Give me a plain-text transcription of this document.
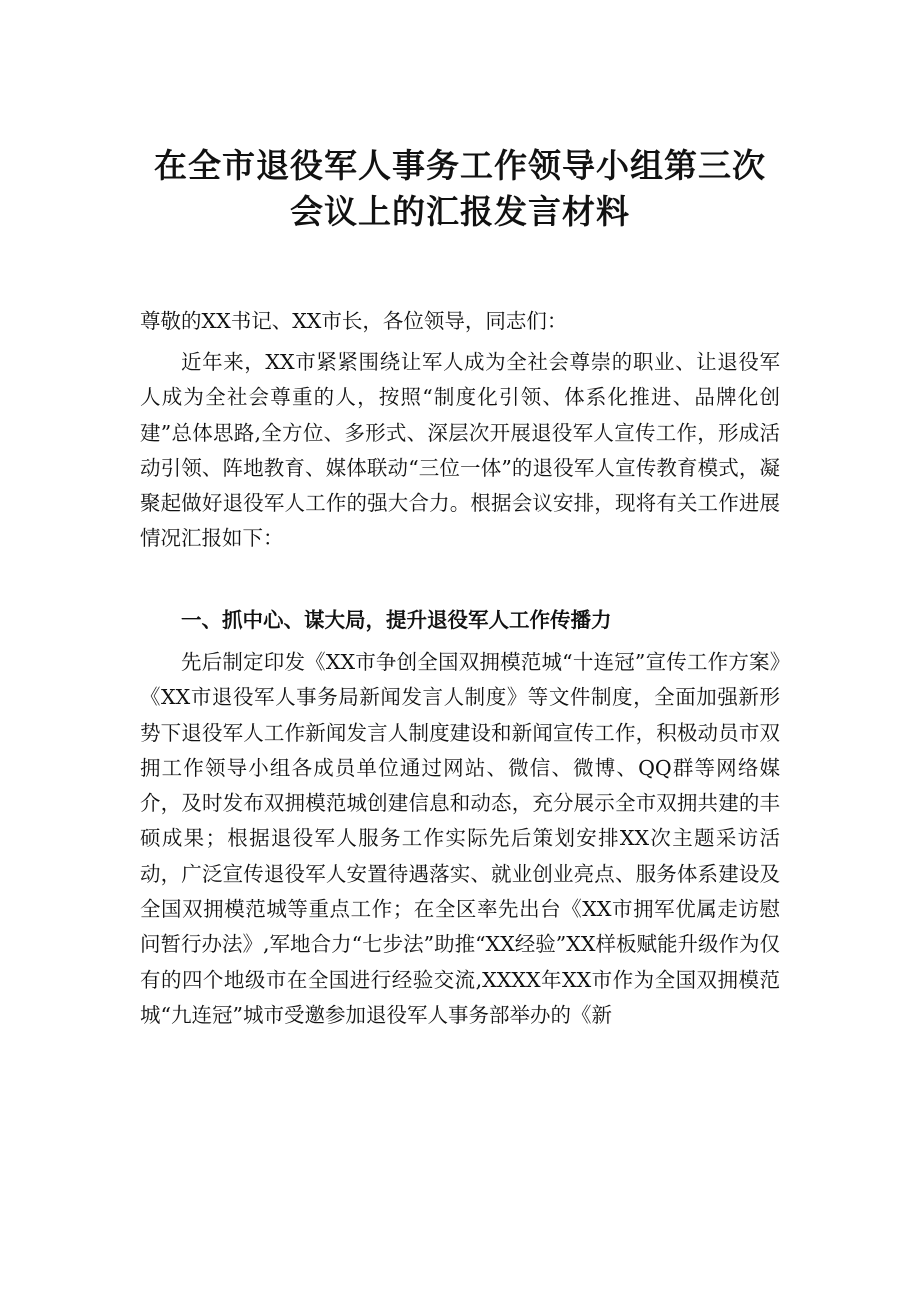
在全市退役军人事务工作领导小组第三次
会议上的汇报发言材料

尊敬的XX书记、XX市长，各位领导，同志们：

近年来，XX市紧紧围绕让军人成为全社会尊崇的职业、让退役军人成为全社会尊重的人，按照“制度化引领、体系化推进、品牌化创建”总体思路,全方位、多形式、深层次开展退役军人宣传工作，形成活动引领、阵地教育、媒体联动“三位一体”的退役军人宣传教育模式，凝聚起做好退役军人工作的强大合力。根据会议安排，现将有关工作进展情况汇报如下：

一、抓中心、谋大局，提升退役军人工作传播力

先后制定印发《XX市争创全国双拥模范城“十连冠”宣传工作方案》《XX市退役军人事务局新闻发言人制度》等文件制度，全面加强新形势下退役军人工作新闻发言人制度建设和新闻宣传工作，积极动员市双拥工作领导小组各成员单位通过网站、微信、微博、QQ群等网络媒介，及时发布双拥模范城创建信息和动态，充分展示全市双拥共建的丰硕成果；根据退役军人服务工作实际先后策划安排XX次主题采访活动，广泛宣传退役军人安置待遇落实、就业创业亮点、服务体系建设及全国双拥模范城等重点工作；在全区率先出台《XX市拥军优属走访慰问暂行办法》,军地合力“七步法”助推“XX经验”XX样板赋能升级作为仅有的四个地级市在全国进行经验交流,XXXX年XX市作为全国双拥模范城“九连冠”城市受邀参加退役军人事务部举办的《新
